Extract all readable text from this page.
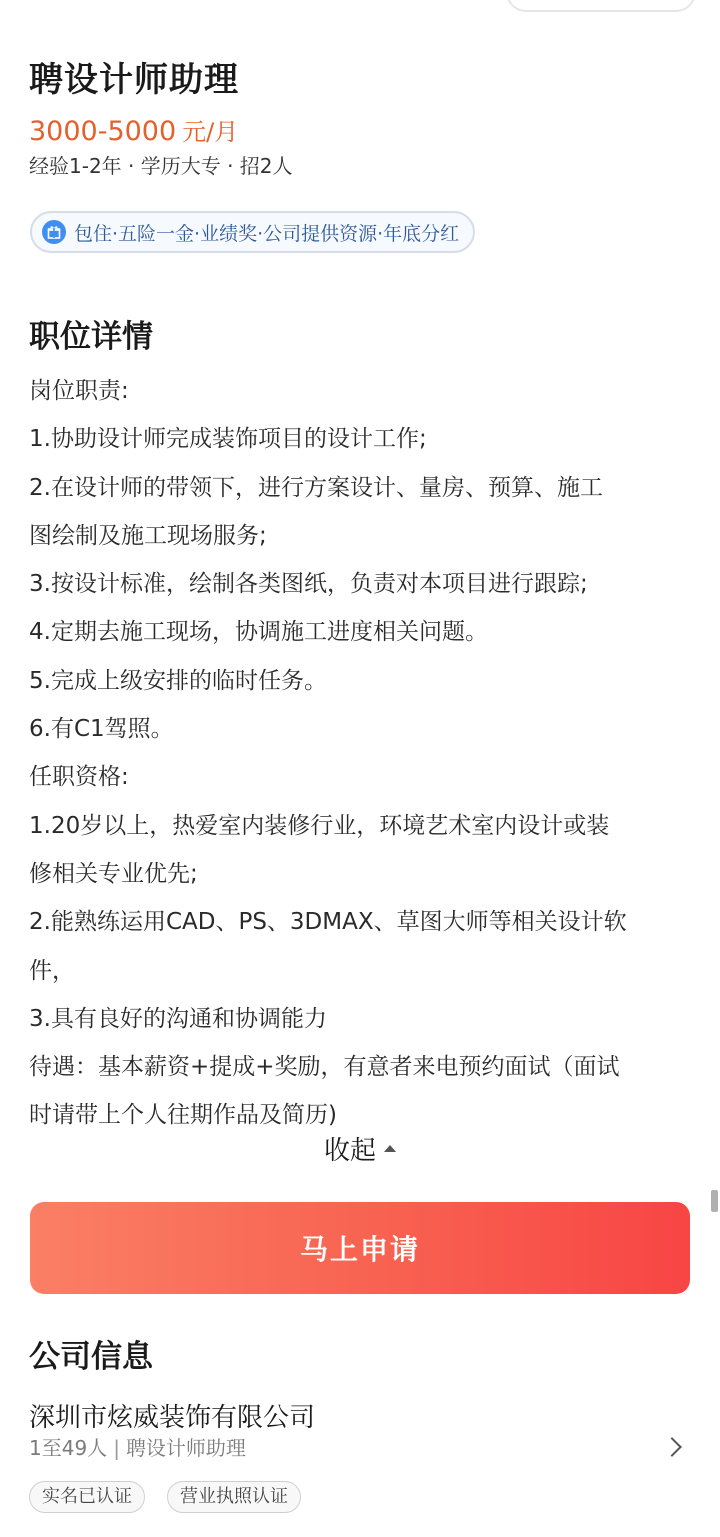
聘设计师助理
3000-5000 元/月
经验1-2年 · 学历大专 · 招2人
包住·五险一金·业绩奖·公司提供资源·年底分红
职位详情
岗位职责:
1.协助设计师完成装饰项目的设计工作;
2.在设计师的带领下，进行方案设计、量房、预算、施工
图绘制及施工现场服务;
3.按设计标准，绘制各类图纸，负责对本项目进行跟踪;
4.定期去施工现场，协调施工进度相关问题。
5.完成上级安排的临时任务。
6.有C1驾照。
任职资格:
1.20岁以上，热爱室内装修行业，环境艺术室内设计或装
修相关专业优先;
2.能熟练运用CAD、PS、3DMAX、草图大师等相关设计软
件，
3.具有良好的沟通和协调能力
待遇：基本薪资+提成+奖励，有意者来电预约面试（面试
时请带上个人往期作品及简历)
收起
马上申请
公司信息
深圳市炫威装饰有限公司
1至49人 | 聘设计师助理
实名已认证	营业执照认证
